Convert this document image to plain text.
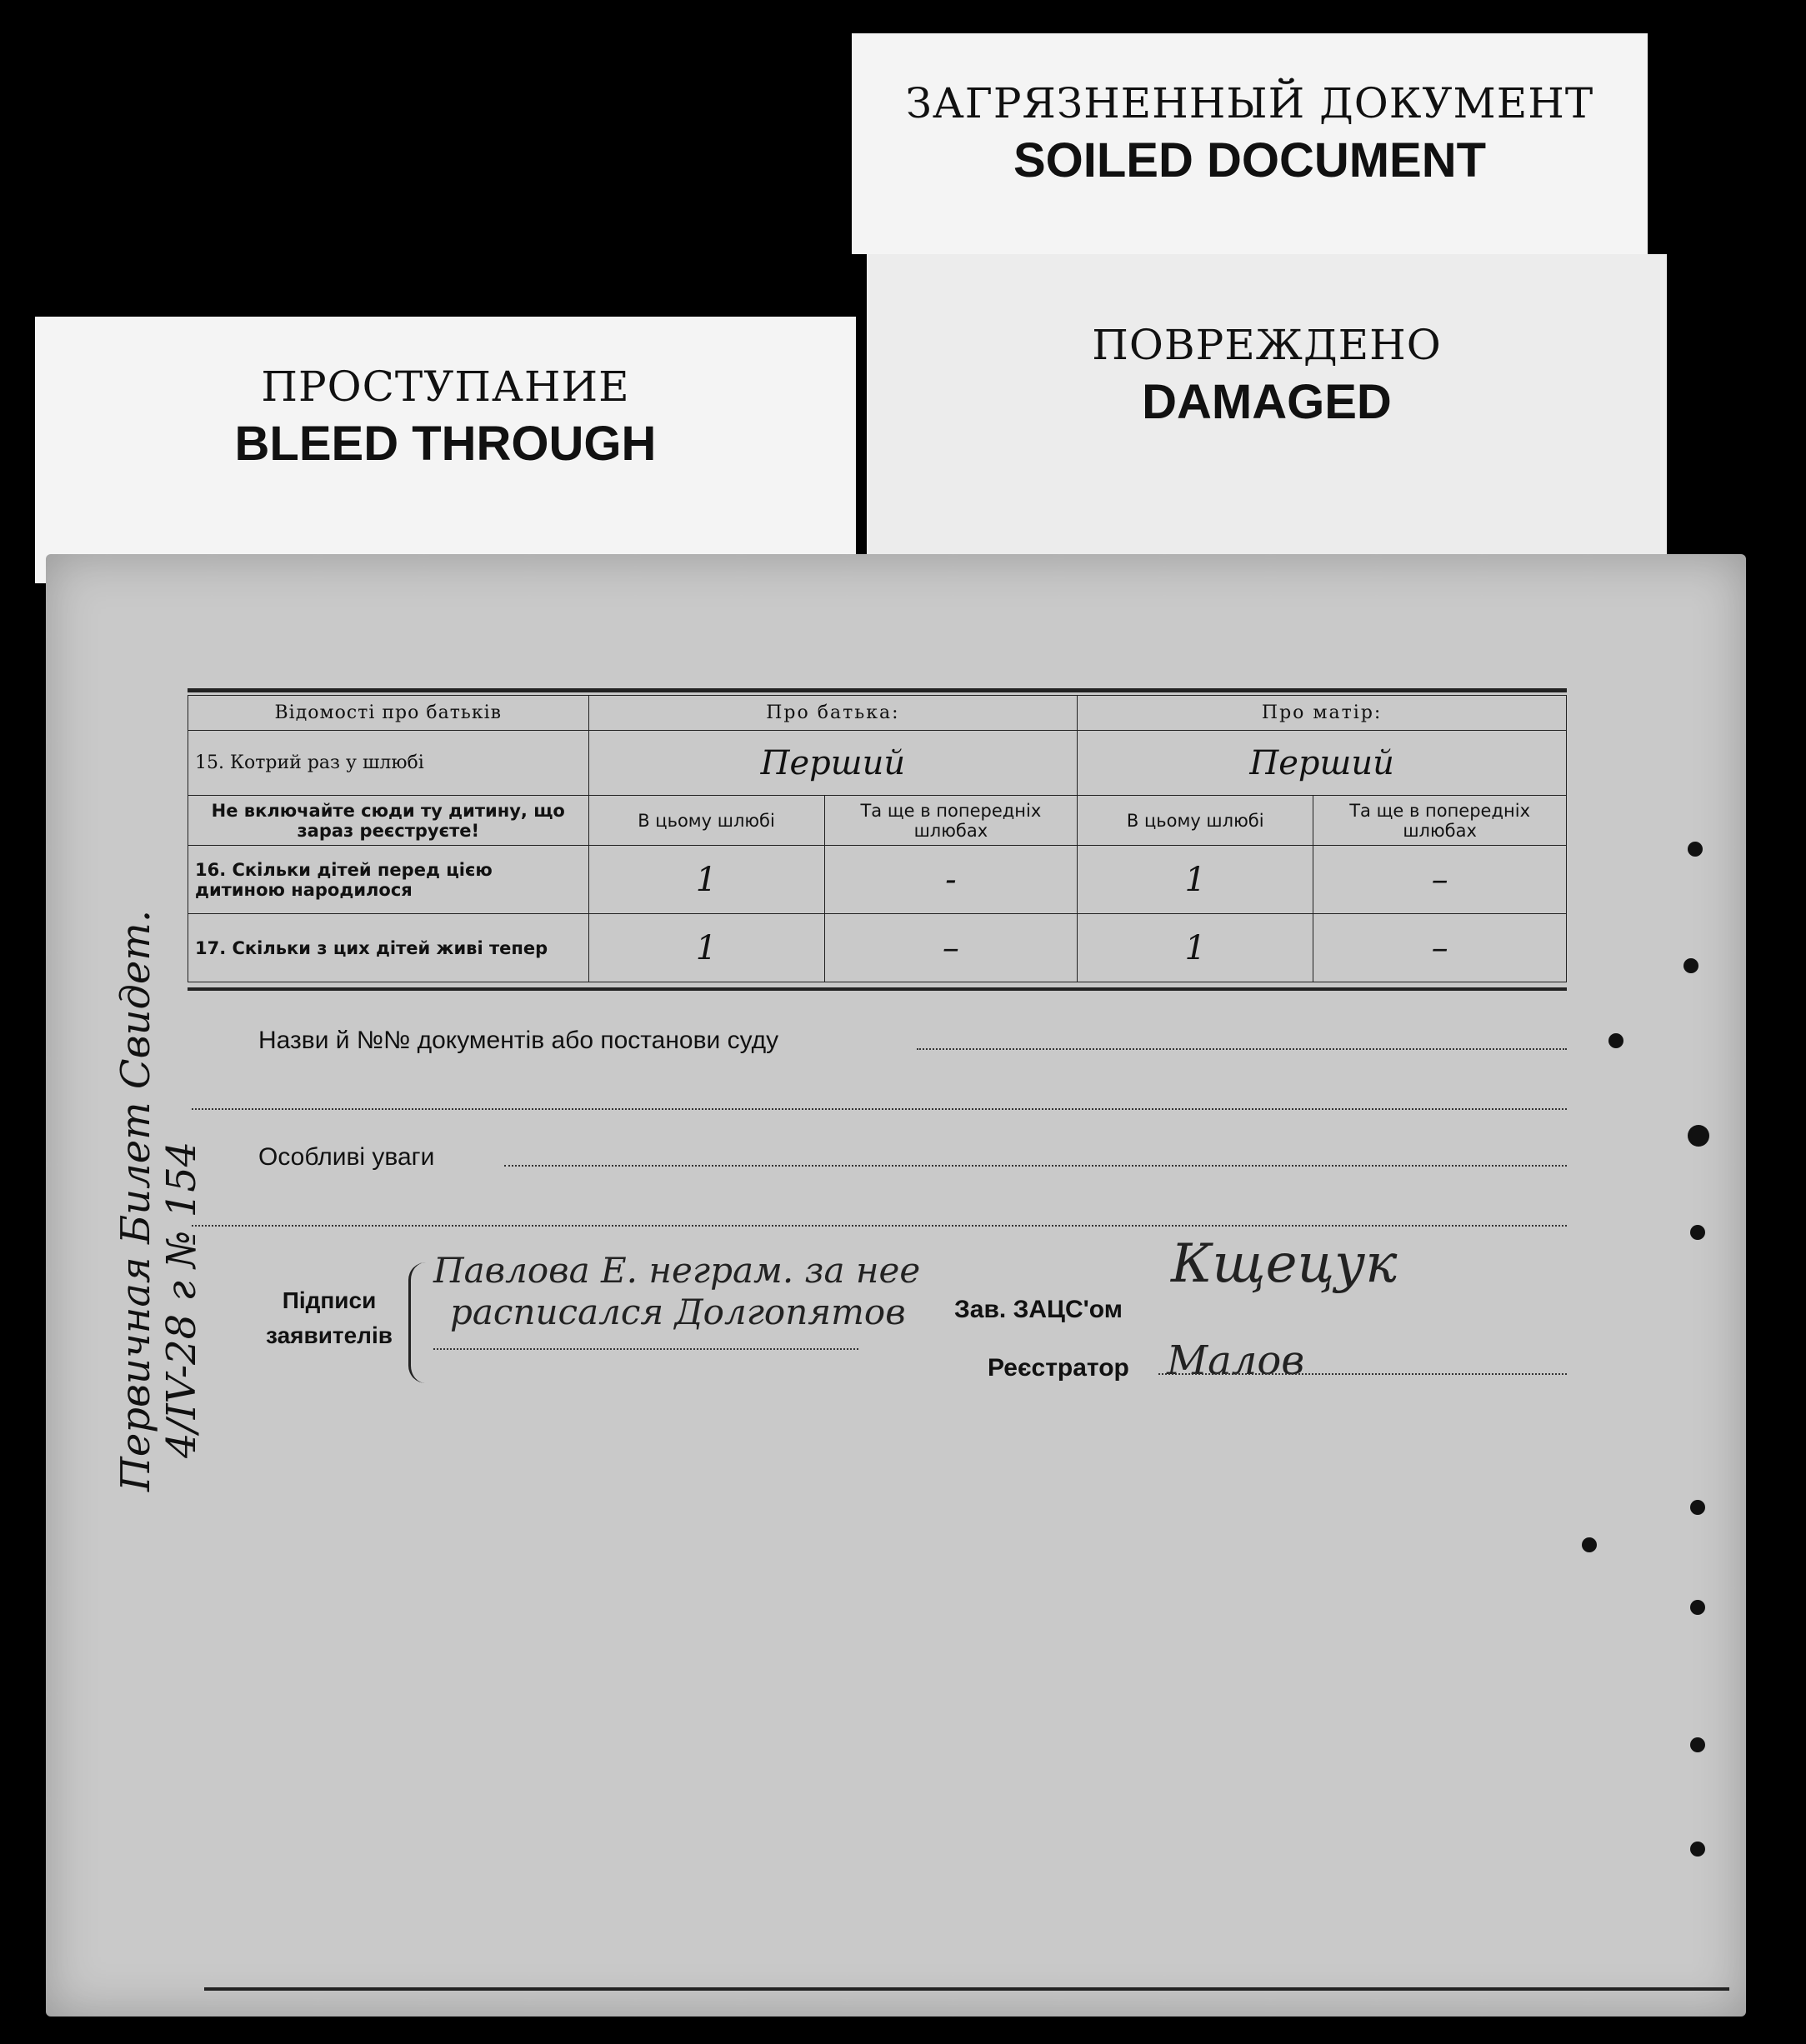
ЗАГРЯЗНЕННЫЙ ДОКУМЕНТ
SOILED DOCUMENT
ПОВРЕЖДЕНО
DAMAGED
ПРОСТУПАНИЕ
BLEED THROUGH
Відомості про батьків	Про батька:		Про матір:	
15. Котрий раз у шлюбі	Перший		Перший	
Не включайте сюди ту дитину, що зараз реєструєте!	В цьому шлюбі	Та ще в попередніх шлюбах	В цьому шлюбі	Та ще в попередніх шлюбах
16. Скільки дітей перед цією дитиною народилося	1	-	1	–
17. Скільки з цих дітей живі тепер	1	–	1	–
Назви й №№ документів або постанови суду
Особливі уваги
Підписи заявителів
Павлова Е. неграм. за нее
расписался Долгопятов Зав. ЗАЦС'ом
Кщецук
Реєстратор Малов
Первичная Билет Свидет. 4/IV-28 г № 154
